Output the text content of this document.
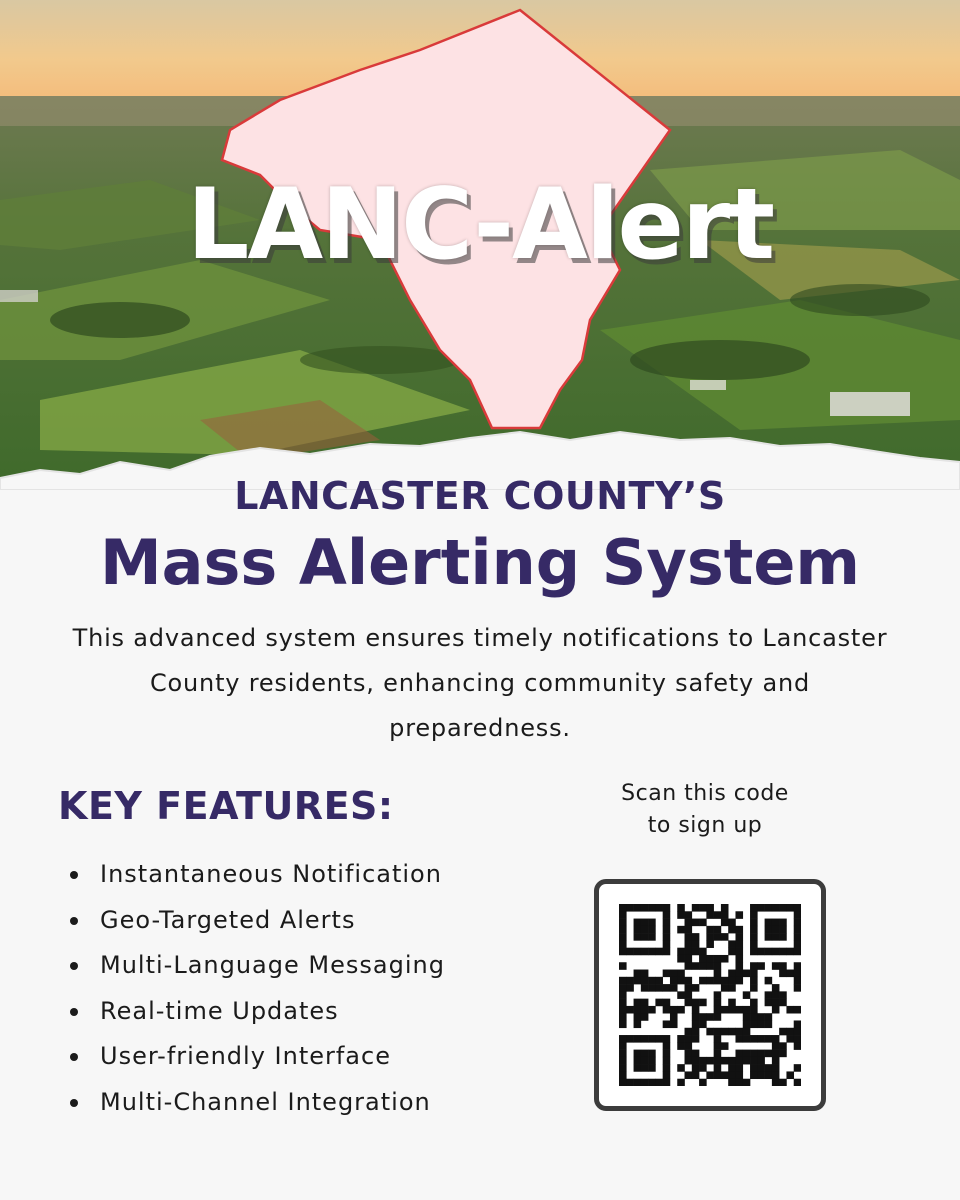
LANC-Alert
LANCASTER COUNTY’S
Mass Alerting System
This advanced system ensures timely notifications to Lancaster
County residents, enhancing community safety and
preparedness.
KEY FEATURES:
Instantaneous Notification
Geo-Targeted Alerts
Multi-Language Messaging
Real-time Updates
User-friendly Interface
Multi-Channel Integration
Scan this code
to sign up
